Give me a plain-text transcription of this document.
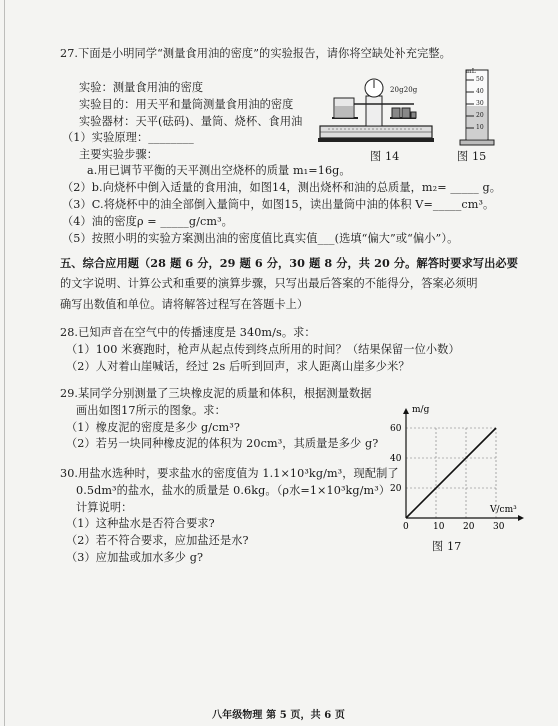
27.下面是小明同学“测量食用油的密度”的实验报告，请你将空缺处补充完整。
实验：测量食用油的密度
实验目的：用天平和量筒测量食用油的密度
实验器材：天平(砝码)、量筒、烧杯、食用油
（1）实验原理：________
主要实验步骤：
a.用已调节平衡的天平测出空烧杯的质量 m₁=16g。
（2）b.向烧杯中倒入适量的食用油，如图14，测出烧杯和油的总质量，m₂= _____ g。
（3）C.将烧杯中的油全部倒入量筒中，如图15，读出量筒中油的体积 V=_____cm³。
（4）油的密度ρ = _____g/cm³。
（5）按照小明的实验方案测出油的密度值比真实值___(选填“偏大”或“偏小”）。
20g20g
图 14
mL
50
40
30
20
10
图 15
五、综合应用题（28 题 6 分，29 题 6 分，30 题 8 分，共 20 分。解答时要求写出必要
的文字说明、计算公式和重要的演算步骤，只写出最后答案的不能得分，答案必须明
确写出数值和单位。请将解答过程写在答题卡上）
28.已知声音在空气中的传播速度是 340m/s。求：
（1）100 米赛跑时，枪声从起点传到终点所用的时间？（结果保留一位小数）
（2）人对着山崖喊话，经过 2s 后听到回声，求人距离山崖多少米？
29.某同学分别测量了三块橡皮泥的质量和体积，根据测量数据
画出如图17所示的图象。求：
（1）橡皮泥的密度是多少 g/cm³?
（2）若另一块同种橡皮泥的体积为 20cm³，其质量是多少 g?
30.用盐水选种时，要求盐水的密度值为 1.1×10³kg/m³，现配制了
0.5dm³的盐水，盐水的质量是 0.6kg。（ρ水=1×10³kg/m³）
计算说明：
（1）这种盐水是否符合要求?
（2）若不符合要求，应加盐还是水?
（3）应加盐或加水多少 g?
0	10 20 30
20
40
60
m/g
V/cm³
图 17
八年级物理 第 5 页，共 6 页
